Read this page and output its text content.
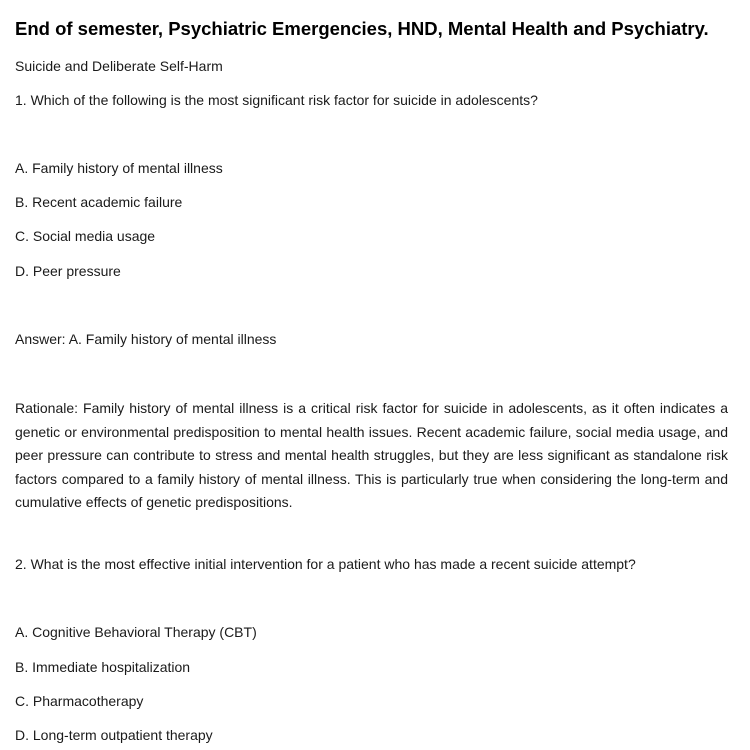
End of semester, Psychiatric Emergencies, HND, Mental Health and Psychiatry.

Suicide and Deliberate Self-Harm

1. Which of the following is the most significant risk factor for suicide in adolescents?

A. Family history of mental illness

B. Recent academic failure

C. Social media usage

D. Peer pressure

Answer: A. Family history of mental illness

Rationale: Family history of mental illness is a critical risk factor for suicide in adolescents, as it often indicates a genetic or environmental predisposition to mental health issues. Recent academic failure, social media usage, and peer pressure can contribute to stress and mental health struggles, but they are less significant as standalone risk factors compared to a family history of mental illness. This is particularly true when considering the long-term and cumulative effects of genetic predispositions.

2. What is the most effective initial intervention for a patient who has made a recent suicide attempt?

A. Cognitive Behavioral Therapy (CBT)

B. Immediate hospitalization

C. Pharmacotherapy

D. Long-term outpatient therapy
